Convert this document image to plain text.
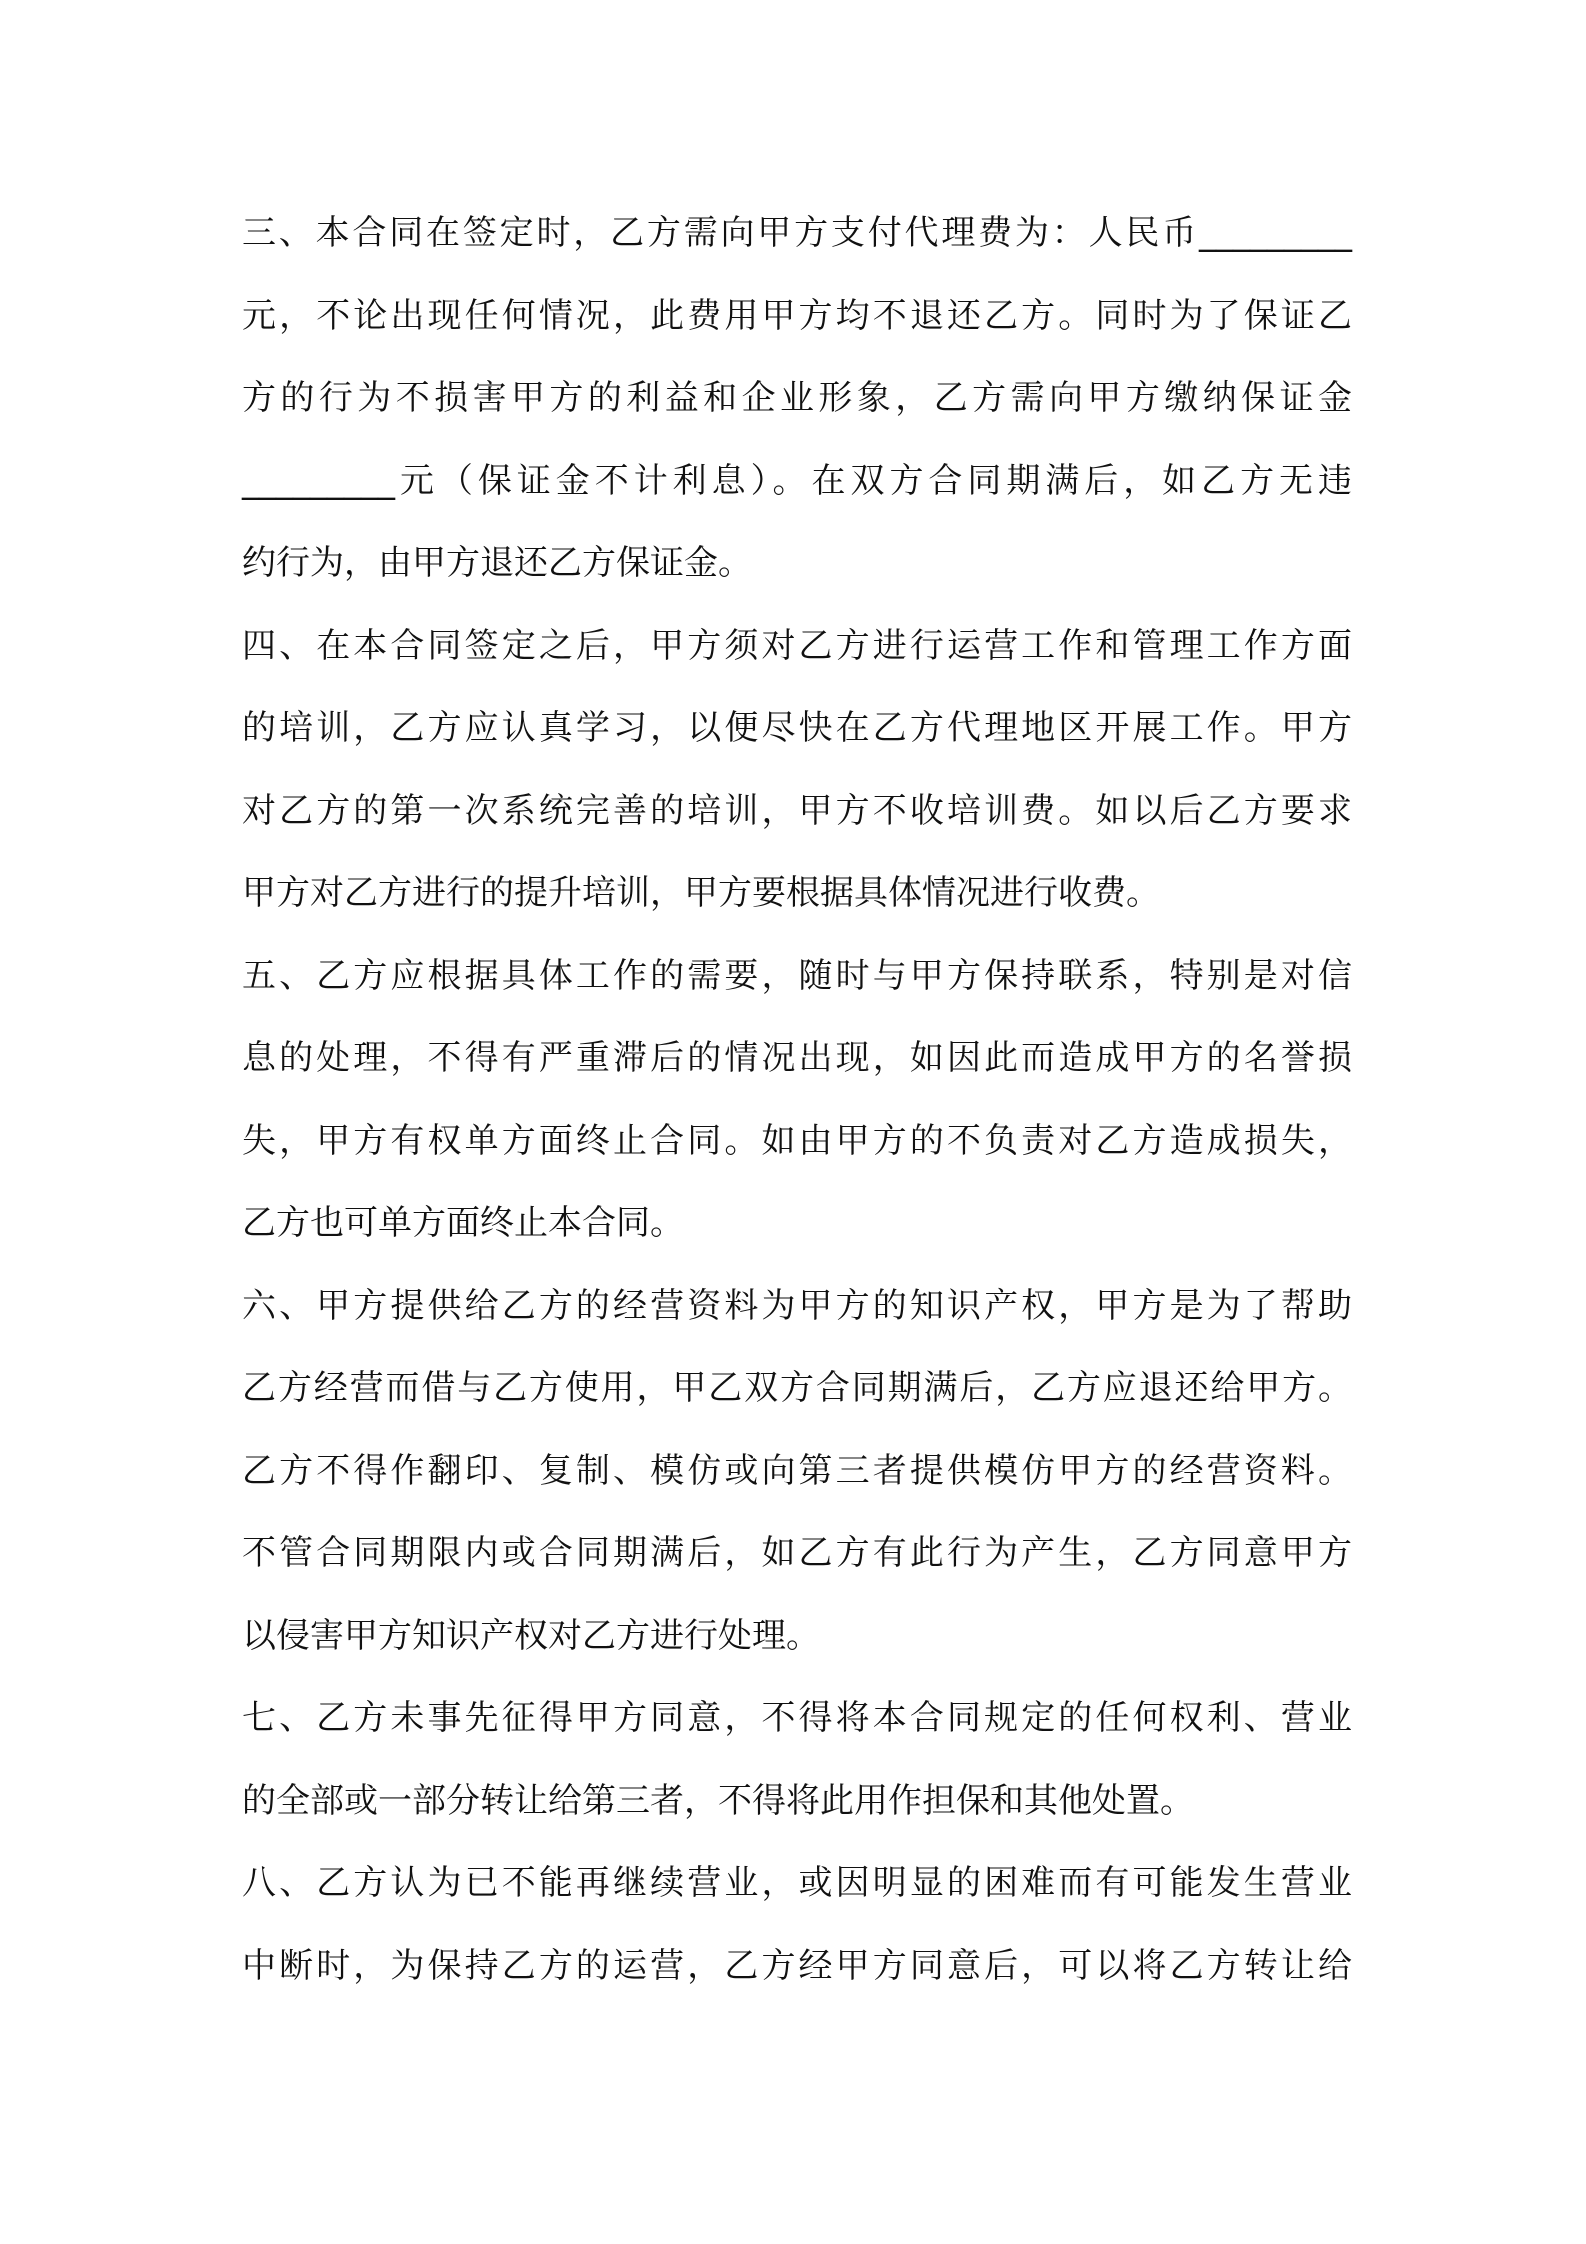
三、本合同在签定时，乙方需向甲方支付代理费为：人民币_________
元，不论出现任何情况，此费用甲方均不退还乙方。同时为了保证乙
方的行为不损害甲方的利益和企业形象，乙方需向甲方缴纳保证金
_________元（保证金不计利息）。在双方合同期满后，如乙方无违
约行为，由甲方退还乙方保证金。
四、在本合同签定之后，甲方须对乙方进行运营工作和管理工作方面
的培训，乙方应认真学习，以便尽快在乙方代理地区开展工作。甲方
对乙方的第一次系统完善的培训，甲方不收培训费。如以后乙方要求
甲方对乙方进行的提升培训，甲方要根据具体情况进行收费。
五、乙方应根据具体工作的需要，随时与甲方保持联系，特别是对信
息的处理，不得有严重滞后的情况出现，如因此而造成甲方的名誉损
失，甲方有权单方面终止合同。如由甲方的不负责对乙方造成损失，
乙方也可单方面终止本合同。
六、甲方提供给乙方的经营资料为甲方的知识产权，甲方是为了帮助
乙方经营而借与乙方使用，甲乙双方合同期满后，乙方应退还给甲方。
乙方不得作翻印、复制、模仿或向第三者提供模仿甲方的经营资料。
不管合同期限内或合同期满后，如乙方有此行为产生，乙方同意甲方
以侵害甲方知识产权对乙方进行处理。
七、乙方未事先征得甲方同意，不得将本合同规定的任何权利、营业
的全部或一部分转让给第三者，不得将此用作担保和其他处置。
八、乙方认为已不能再继续营业，或因明显的困难而有可能发生营业
中断时，为保持乙方的运营，乙方经甲方同意后，可以将乙方转让给
